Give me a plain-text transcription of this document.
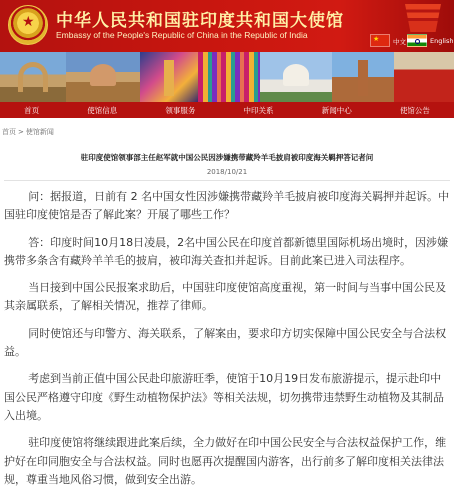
★ 中华人民共和国驻印度共和国大使馆
Embassy of the People's Republic of China in the Republic of India	★ 中文	English
首页	使馆信息	领事服务	中印关系	新闻中心	使馆公告
首页 > 使馆新闻
驻印度使馆领事部主任赵军就中国公民因涉嫌携带藏羚羊毛披肩被印度海关羁押答记者问
2018/10/21

问：据报道，日前有 2 名中国女性因涉嫌携带藏羚羊毛披肩被印度海关羁押并起诉。中国驻印度使馆是否了解此案？开展了哪些工作？

答：印度时间10月18日凌晨，2名中国公民在印度首都新德里国际机场出境时，因涉嫌携带多条含有藏羚羊羊毛的披肩，被印海关查扣并起诉。目前此案已进入司法程序。

当日接到中国公民报案求助后，中国驻印度使馆高度重视，第一时间与当事中国公民及其亲属联系，了解相关情况，推荐了律师。

同时使馆还与印警方、海关联系，了解案由，要求印方切实保障中国公民安全与合法权益。

考虑到当前正值中国公民赴印旅游旺季，使馆于10月19日发布旅游提示，提示赴印中国公民严格遵守印度《野生动植物保护法》等相关法规，切勿携带违禁野生动植物及其制品入出境。

驻印度使馆将继续跟进此案后续，全力做好在印中国公民安全与合法权益保护工作，维护好在印同胞安全与合法权益。同时也愿再次提醒国内游客，出行前多了解印度相关法律法规，尊重当地风俗习惯，做到安全出游。
